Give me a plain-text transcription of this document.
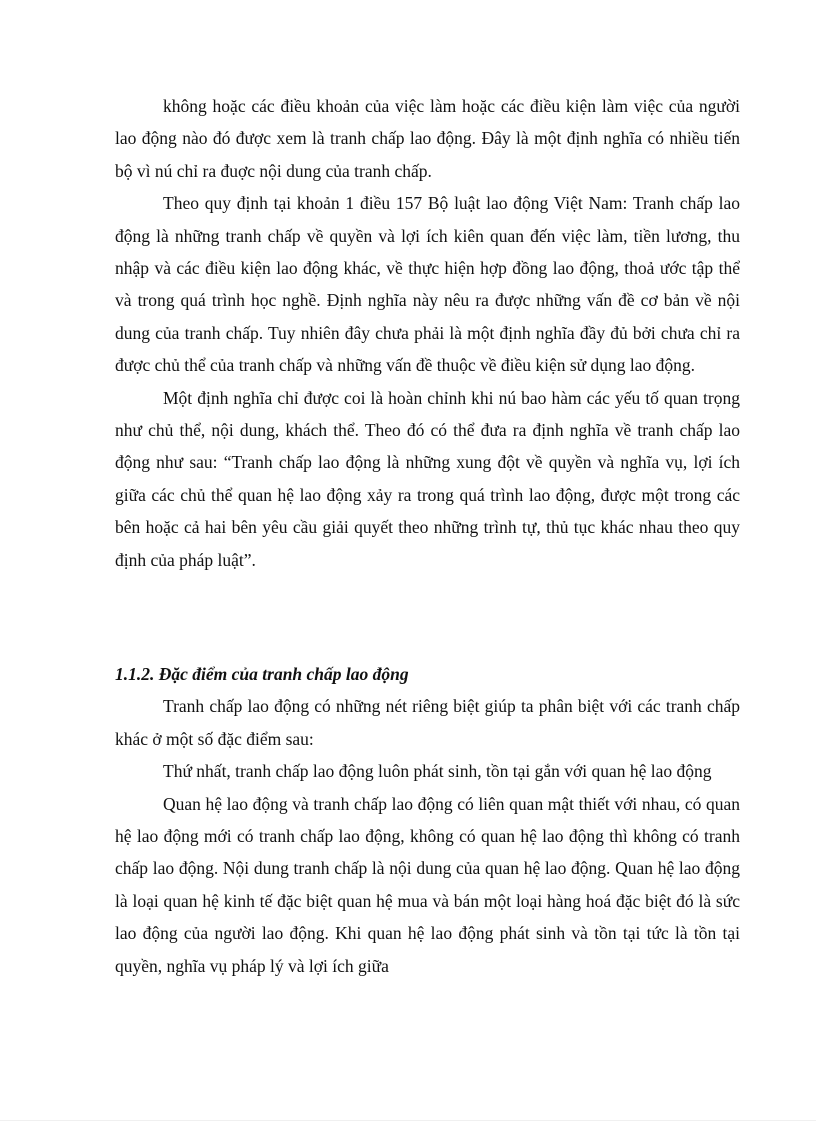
không hoặc các điều khoản của việc làm hoặc các điều kiện làm việc của người lao động nào đó được xem là tranh chấp lao động. Đây là một định nghĩa có nhiều tiến bộ vì nú chỉ ra đuợc nội dung của tranh chấp.

Theo quy định tại khoản 1 điều 157 Bộ luật lao động Việt Nam: Tranh chấp lao động là những tranh chấp về quyền và lợi ích kiên quan đến việc làm, tiền lương, thu nhập và các điều kiện lao động khác, về thực hiện hợp đồng lao động, thoả ước tập thể và trong quá trình học nghề. Định nghĩa này nêu ra được những vấn đề cơ bản về nội dung của tranh chấp. Tuy nhiên đây chưa phải là một định nghĩa đầy đủ bởi chưa chỉ ra được chủ thể của tranh chấp và những vấn đề thuộc về điều kiện sử dụng lao động.

Một định nghĩa chỉ được coi là hoàn chỉnh khi nú bao hàm các yếu tố quan trọng như chủ thể, nội dung, khách thể. Theo đó có thể đưa ra định nghĩa về tranh chấp lao động như sau: “Tranh chấp lao động là những xung đột về quyền và nghĩa vụ, lợi ích giữa các chủ thể quan hệ lao động xảy ra trong quá trình lao động, được một trong các bên hoặc cả hai bên yêu cầu giải quyết theo những trình tự, thủ tục khác nhau theo quy định của pháp luật”.

1.1.2. Đặc điểm của tranh chấp lao động

Tranh chấp lao động có những nét riêng biệt giúp ta phân biệt với các tranh chấp khác ở một số đặc điểm sau:

Thứ nhất, tranh chấp lao động luôn phát sinh, tồn tại gắn với quan hệ lao động

Quan hệ lao động và tranh chấp lao động có liên quan mật thiết với nhau, có quan hệ lao động mới có tranh chấp lao động, không có quan hệ lao động thì không có tranh chấp lao động. Nội dung tranh chấp là nội dung của quan hệ lao động. Quan hệ lao động là loại quan hệ kinh tế đặc biệt quan hệ mua và bán một loại hàng hoá đặc biệt đó là sức lao động của người lao động. Khi quan hệ lao động phát sinh và tồn tại tức là tồn tại quyền, nghĩa vụ pháp lý và lợi ích giữa
